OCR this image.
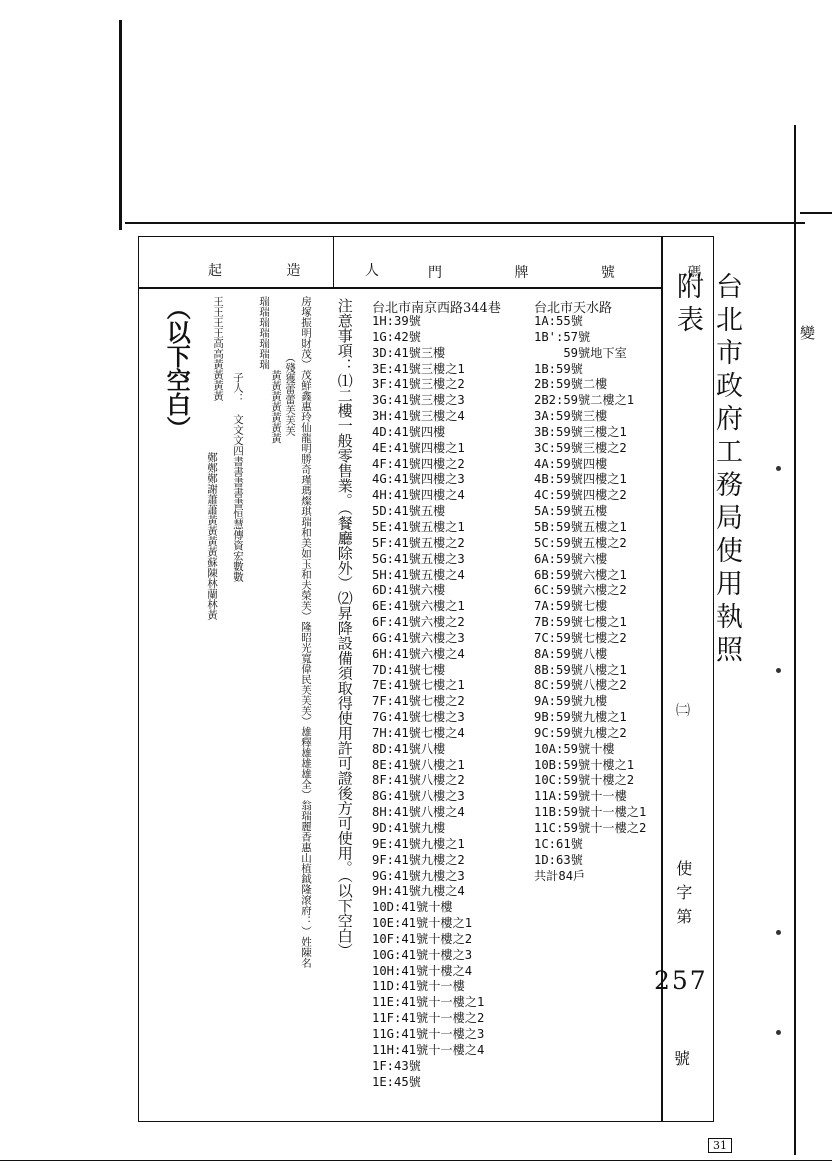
變
起 造 人 門 牌 號 碼
台北市政府工務局使用執照附表
㈡
使字第
257
號
注意事項：⑴二樓一般零售業。（餐廳除外）⑵昇降設備須取得使用許可證後方可使用。（以下空白）
房塚振明財茂）茂鮮鑫惠玲仙龍明勝奇瑾瑪燦琪瑞和美如玉和夫榮芙）隆昭光寬偉民芙芙芙）雄釋雄雄雄全）翁瑞麗香惠山植鉞隆滾府：）姓陳名
（殘獲蕾蕾芙芙芙
瑞瑞瑞瑞瑞瑞瑞
黃黃黃黃黃黃黃
子人：　文文文四書書書書書恒慧傳資宏數數
王王王王高高黃黃黃黃
鄭鄭鄭謝蕭蕭黃黃黃黃蘇陳林蘭林黃
（以下空白）	台北市南京西路344巷
1H:39號
1G:42號
3D:41號三樓
3E:41號三樓之1
3F:41號三樓之2
3G:41號三樓之3
3H:41號三樓之4
4D:41號四樓
4E:41號四樓之1
4F:41號四樓之2
4G:41號四樓之3
4H:41號四樓之4
5D:41號五樓
5E:41號五樓之1
5F:41號五樓之2
5G:41號五樓之3
5H:41號五樓之4
6D:41號六樓
6E:41號六樓之1
6F:41號六樓之2
6G:41號六樓之3
6H:41號六樓之4
7D:41號七樓
7E:41號七樓之1
7F:41號七樓之2
7G:41號七樓之3
7H:41號七樓之4
8D:41號八樓
8E:41號八樓之1
8F:41號八樓之2
8G:41號八樓之3
8H:41號八樓之4
9D:41號九樓
9E:41號九樓之1
9F:41號九樓之2
9G:41號九樓之3
9H:41號九樓之4
10D:41號十樓
10E:41號十樓之1
10F:41號十樓之2
10G:41號十樓之3
10H:41號十樓之4
11D:41號十一樓
11E:41號十一樓之1
11F:41號十一樓之2
11G:41號十一樓之3
11H:41號十一樓之4
1F:43號
1E:45號
台北市天水路
1A:55號
1B':57號
59號地下室
1B:59號
2B:59號二樓
2B2:59號二樓之1
3A:59號三樓
3B:59號三樓之1
3C:59號三樓之2
4A:59號四樓
4B:59號四樓之1
4C:59號四樓之2
5A:59號五樓
5B:59號五樓之1
5C:59號五樓之2
6A:59號六樓
6B:59號六樓之1
6C:59號六樓之2
7A:59號七樓
7B:59號七樓之1
7C:59號七樓之2
8A:59號八樓
8B:59號八樓之1
8C:59號八樓之2
9A:59號九樓
9B:59號九樓之1
9C:59號九樓之2
10A:59號十樓
10B:59號十樓之1
10C:59號十樓之2
11A:59號十一樓
11B:59號十一樓之1
11C:59號十一樓之2
1C:61號
1D:63號
共計84戶
31
